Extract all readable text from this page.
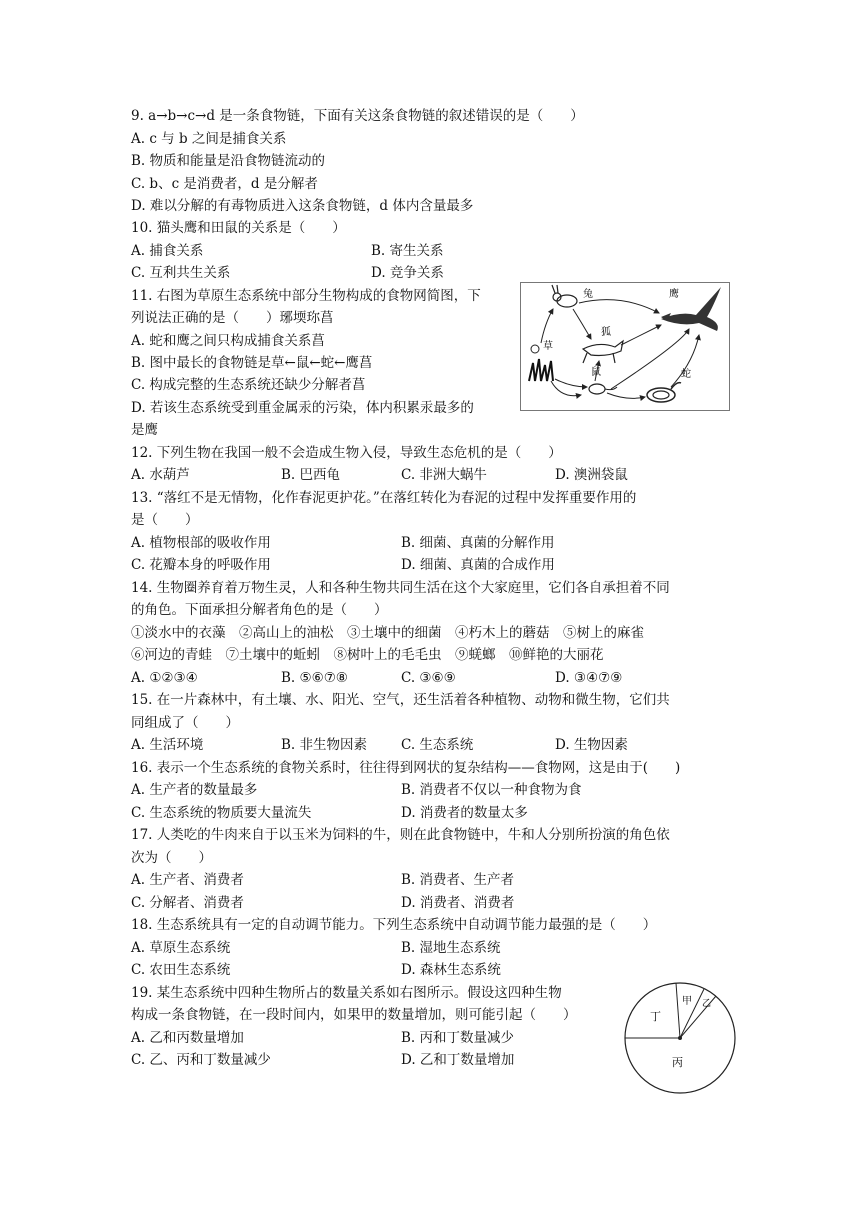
9. a→b→c→d 是一条食物链，下面有关这条食物链的叙述错误的是（　　）
A. c 与 b 之间是捕食关系
B. 物质和能量是沿食物链流动的
C. b、c 是消费者，d 是分解者
D. 难以分解的有毒物质进入这条食物链，d 体内含量最多
10. 猫头鹰和田鼠的关系是（　　）
A. 捕食关系	B. 寄生关系
C. 互利共生关系	D. 竞争关系
11. 右图为草原生态系统中部分生物构成的食物网简图，下
列说法正确的是（　　）琊堧珎菖
A. 蛇和鹰之间只构成捕食关系菖
B. 图中最长的食物链是草←鼠←蛇←鹰菖
C. 构成完整的生态系统还缺少分解者菖
D. 若该生态系统受到重金属汞的污染，体内积累汞最多的
是鹰
兔	鹰
狐
草
鼠	蛇
12. 下列生物在我国一般不会造成生物入侵，导致生态危机的是（　　）
A. 水葫芦	B. 巴西龟	C. 非洲大蜗牛	D. 澳洲袋鼠
13. “落红不是无情物，化作春泥更护花。”在落红转化为春泥的过程中发挥重要作用的
是（　　）
A. 植物根部的吸收作用	B. 细菌、真菌的分解作用
C. 花瓣本身的呼吸作用	D. 细菌、真菌的合成作用
14. 生物圈养育着万物生灵，人和各种生物共同生活在这个大家庭里，它们各自承担着不同
的角色。下面承担分解者角色的是（　　）
①淡水中的衣藻　②高山上的油松　③土壤中的细菌　④朽木上的蘑菇　⑤树上的麻雀
⑥河边的青蛙　⑦土壤中的蚯蚓　⑧树叶上的毛毛虫　⑨蜣螂　⑩鲜艳的大丽花
A. ①②③④	B. ⑤⑥⑦⑧	C. ③⑥⑨	D. ③④⑦⑨
15. 在一片森林中，有土壤、水、阳光、空气，还生活着各种植物、动物和微生物，它们共
同组成了（　　）
A. 生活环境	B. 非生物因素	C. 生态系统	D. 生物因素
16. 表示一个生态系统的食物关系时，往往得到网状的复杂结构——食物网，这是由于(　　)
A. 生产者的数量最多	B. 消费者不仅以一种食物为食
C. 生态系统的物质要大量流失	D. 消费者的数量太多
17. 人类吃的牛肉来自于以玉米为饲料的牛，则在此食物链中，牛和人分别所扮演的角色依
次为（　　）
A. 生产者、消费者	B. 消费者、生产者
C. 分解者、消费者	D. 消费者、消费者
18. 生态系统具有一定的自动调节能力。下列生态系统中自动调节能力最强的是（　　）
A. 草原生态系统	B. 湿地生态系统
C. 农田生态系统	D. 森林生态系统
19. 某生态系统中四种生物所占的数量关系如右图所示。假设这四种生物
构成一条食物链，在一段时间内，如果甲的数量增加，则可能引起（　　）
A. 乙和丙数量增加	B. 丙和丁数量减少
C. 乙、丙和丁数量减少	D. 乙和丁数量增加
丁
甲 乙
丙
